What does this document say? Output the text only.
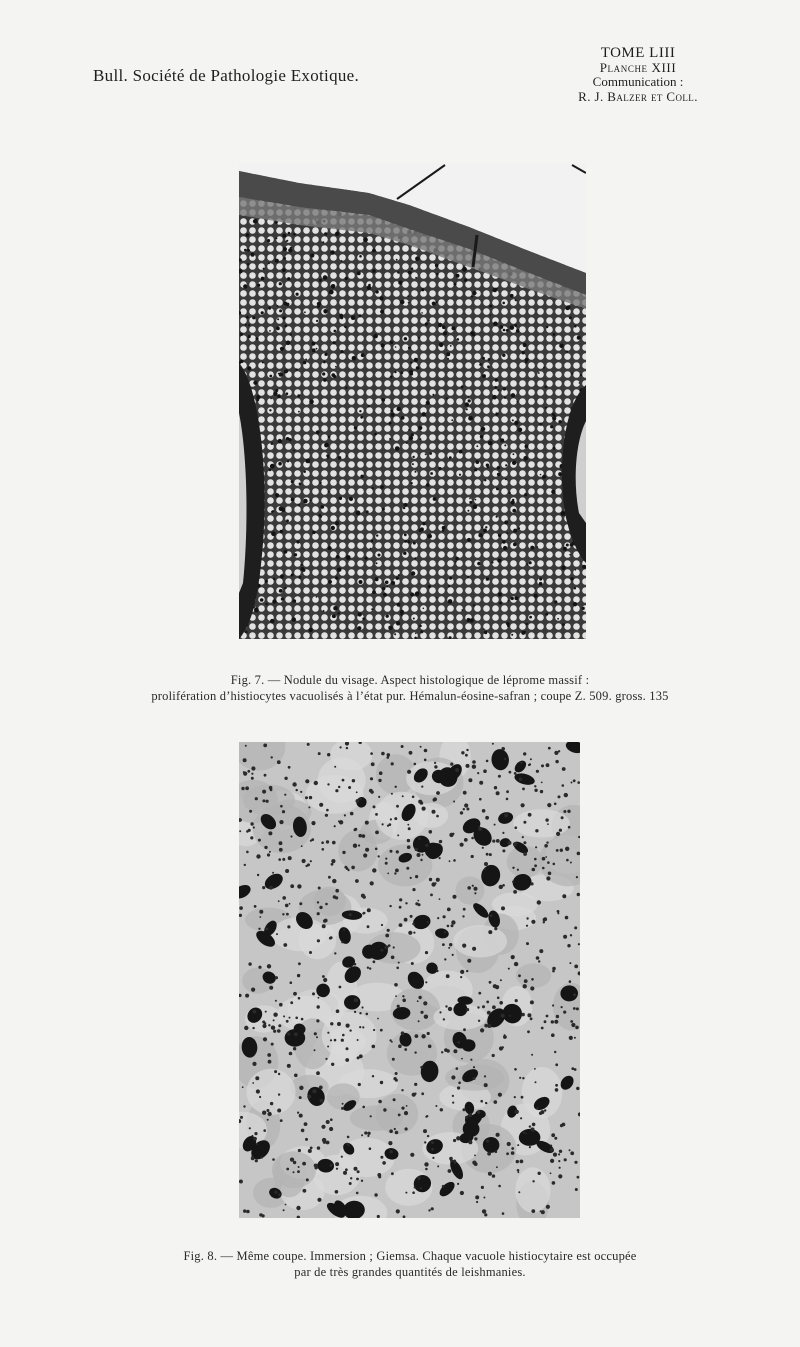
Bull. Société de Pathologie Exotique.
TOME LIII
Planche XIII
Communication :
R. J. Balzer et Coll.
Fig. 7. — Nodule du visage. Aspect histologique de léprome massif :
prolifération d’histiocytes vacuolisés à l’état pur. Hémalun-éosine-safran ; coupe Z. 509. gross. 135
Fig. 8. — Même coupe. Immersion ; Giemsa. Chaque vacuole histiocytaire est occupée
par de très grandes quantités de leishmanies.
